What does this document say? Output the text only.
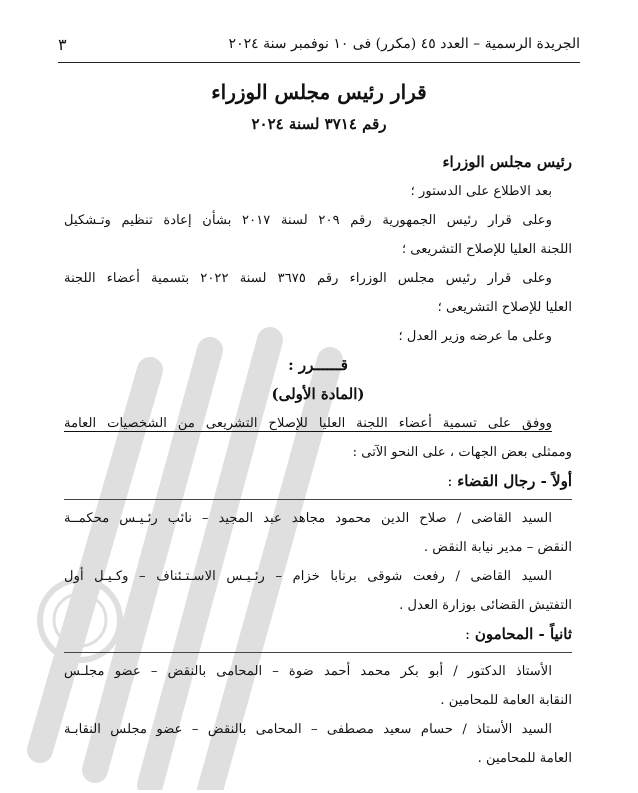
الجريدة الرسمية – العدد ٤٥ (مكرر) فى ١٠ نوفمبر سنة ٢٠٢٤
٣
قرار رئيس مجلس الوزراء
رقم ٣٧١٤ لسنة ٢٠٢٤
رئيس مجلس الوزراء
بعد الاطلاع على الدستور ؛
وعلى قرار رئيس الجمهورية رقم ٢٠٩ لسنة ٢٠١٧ بشأن إعادة تنظيم وتـشكيل
اللجنة العليا للإصلاح التشريعى ؛
وعلى قرار رئيس مجلس الوزراء رقم ٣٦٧٥ لسنة ٢٠٢٢ بتسمية أعضاء اللجنة
العليا للإصلاح التشريعى ؛
وعلى ما عرضه وزير العدل ؛
قــــــرر :
(المادة الأولى)
ووفق على تسمية أعضاء اللجنة العليا للإصلاح التشريعى من الشخصيات العامة
وممثلى بعض الجهات ، على النحو الآتى :
أولاً - رجال القضاء :
السيد القاضى / صلاح الدين محمود مجاهد عبد المجيد – نائب رئـيـس محكمــة
النقض – مدير نيابة النقض .
السيد القاضى / رفعت شوقى برنابا خزام – رئـيـس الاسـتـئناف – وكـيـل أول
التفتيش القضائى بوزارة العدل .
ثانياً - المحامون :
الأستاذ الدكتور / أبو بكر محمد أحمد ضوة – المحامى بالنقض – عضو مجلـس
النقابة العامة للمحامين .
السيد الأستاذ / حسام سعيد مصطفى – المحامى بالنقض – عضو مجلس النقابـة
العامة للمحامين .
